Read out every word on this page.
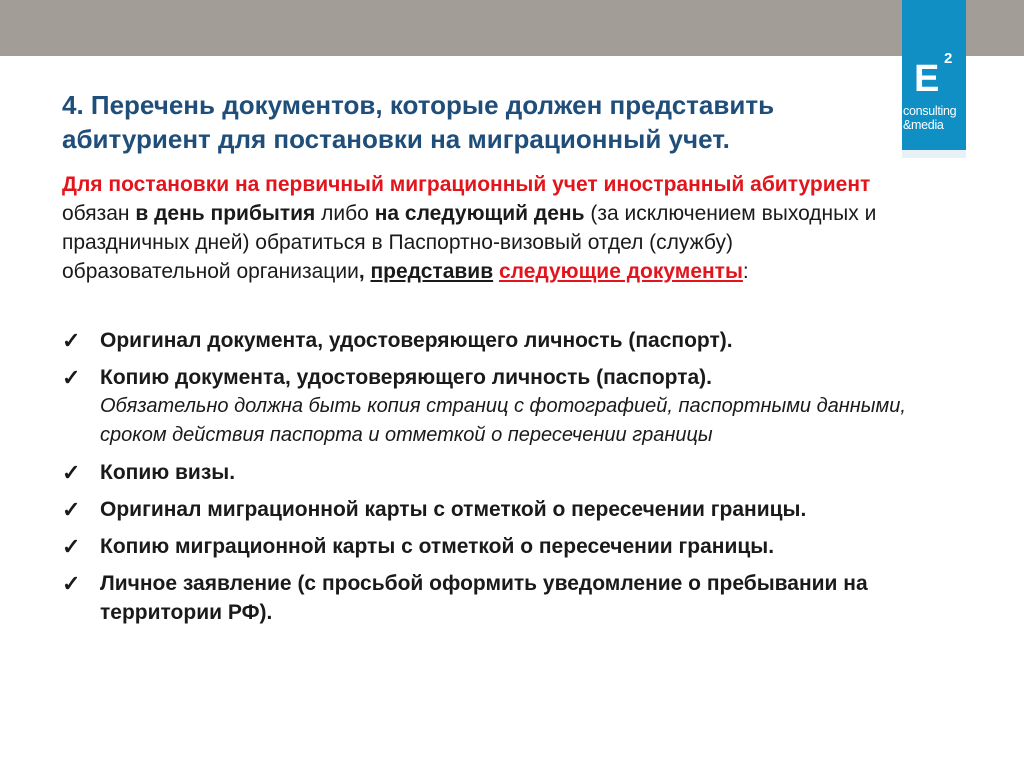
E 2
consulting
&media
4. Перечень документов, которые должен представить абитуриент для постановки на миграционный учет.

Для постановки на первичный миграционный учет иностранный абитуриент обязан в день прибытия либо на следующий день (за исключением выходных и праздничных дней) обратиться в Паспортно-визовый отдел (службу) образовательной организации, представив следующие документы:

✓ Оригинал документа, удостоверяющего личность (паспорт).
✓ Копию документа, удостоверяющего личность (паспорта).
Обязательно должна быть копия страниц с фотографией, паспортными данными, сроком действия паспорта и отметкой о пересечении границы
✓ Копию визы.
✓ Оригинал миграционной карты с отметкой о пересечении границы.
✓ Копию миграционной карты с отметкой о пересечении границы.
✓ Личное заявление (с просьбой оформить уведомление о пребывании на территории РФ).
